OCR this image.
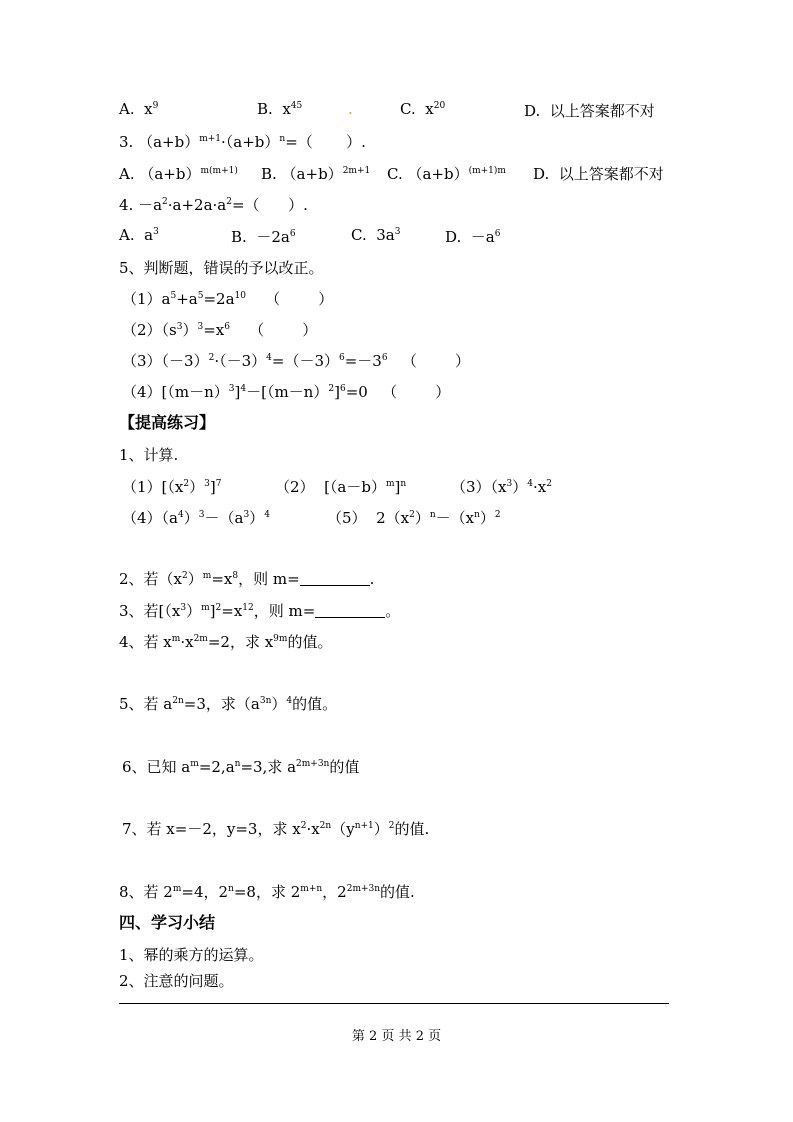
A.  $x^9$	B.  $x^{45}$	.	C.  $x^{20}$	D.  以上答案都不对
3. $(a+b)^{m+1}\cdot(a+b)^n=$（       ）.
A. $(a+b)^{m(m+1)}$ B. $(a+b)^{2m+1}$ C. $(a+b)^{(m+1)m}$ D.  以上答案都不对
4. $-a^2\cdot a+2a\cdot a^2=$（      ）.
A.  $a^3$	B.  $-2a^6$	C.  $3a^3$	D.  $-a^6$
5、判断题，错误的予以改正。
$(1)a^5+a^5=2a^{10}$    （        ）
$(2)(s^3)^3=x^6$    （        ）
$(3)(-3)^2\cdot(-3)^4=(-3)^6=-3^6$   （        ）
$(4)[(m-n)^3]^4-[(m-n)^2]^6=0$   （        ）
【提高练习】
1、计算.
$(1)[(x^2)^3]^7$	（2）  $[(a-b)^m]^n$	$(3)(x^3)^4\cdot x^2$
$(4)(a^4)^3-(a^3)^4$	（5）  $2(x^2)^n-(x^n)^2$
2、若$(x^2)^m=x^8$，则 m=	.
3、若$[(x^3)^m]^2=x^{12}$，则 m=	。
4、若 $x^m\cdot x^{2m}=2$，求 $x^{9m}$的值。
5、若 $a^{2n}=3$，求$(a^{3n})^4$的值。
6、已知 $a^m=2,a^n=3$,求 $a^{2m+3n}$的值
7、若 x=－2，y=3，求 $x^2\cdot x^{2n}(y^{n+1})^2$的值.
8、若 $2^m=4$，$2^n=8$，求 $2^{m+n}$，$2^{2m+3n}$的值.
四、学习小结
1、幂的乘方的运算。
2、注意的问题。
第 2 页 共 2 页
